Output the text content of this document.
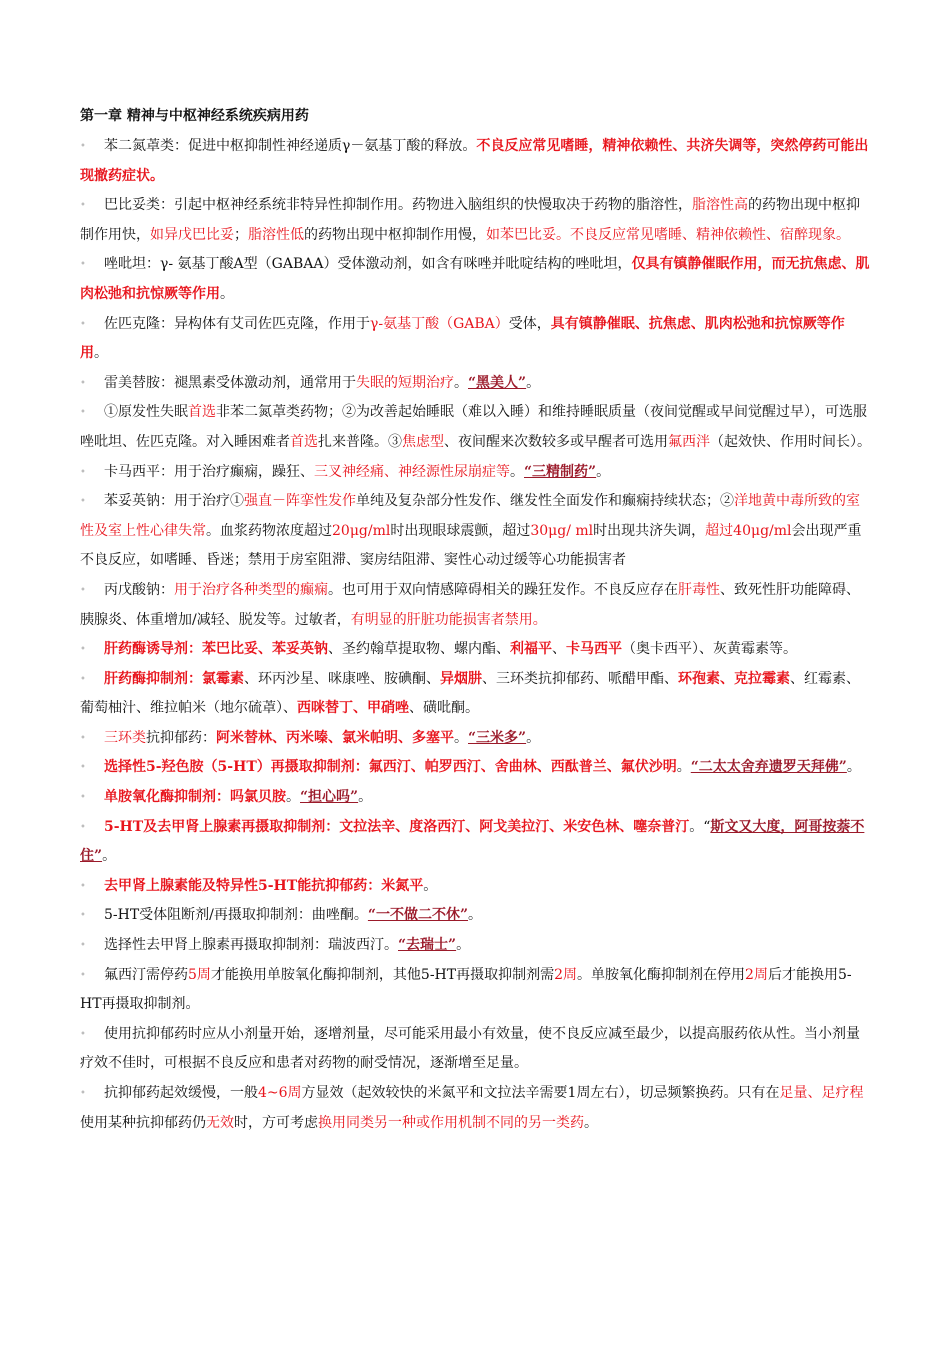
第一章 精神与中枢神经系统疾病用药

• 苯二氮䓬类：促进中枢抑制性神经递质γ－氨基丁酸的释放。不良反应常见嗜睡，精神依赖性、共济失调等，突然停药可能出现撤药症状。

• 巴比妥类：引起中枢神经系统非特异性抑制作用。药物进入脑组织的快慢取决于药物的脂溶性，脂溶性高的药物出现中枢抑制作用快，如异戊巴比妥；脂溶性低的药物出现中枢抑制作用慢，如苯巴比妥。不良反应常见嗜睡、精神依赖性、宿醉现象。

• 唑吡坦：γ- 氨基丁酸A型（GABAA）受体激动剂，如含有咪唑并吡啶结构的唑吡坦，仅具有镇静催眠作用，而无抗焦虑、肌肉松弛和抗惊厥等作用。

• 佐匹克隆：异构体有艾司佐匹克隆，作用于γ-氨基丁酸（GABA）受体，具有镇静催眠、抗焦虑、肌肉松弛和抗惊厥等作用。

• 雷美替胺：褪黑素受体激动剂，通常用于失眠的短期治疗。“黑美人”。

• ①原发性失眠首选非苯二氮䓬类药物；②为改善起始睡眠（难以入睡）和维持睡眠质量（夜间觉醒或早间觉醒过早），可选服唑吡坦、佐匹克隆。对入睡困难者首选扎来普隆。③焦虑型、夜间醒来次数较多或早醒者可选用氟西泮（起效快、作用时间长）。

• 卡马西平：用于治疗癫痫，躁狂、三叉神经痛、神经源性尿崩症等。“三精制药”。

• 苯妥英钠：用于治疗①强直－阵挛性发作单纯及复杂部分性发作、继发性全面发作和癫痫持续状态；②洋地黄中毒所致的室性及室上性心律失常。血浆药物浓度超过20μg/ml时出现眼球震颤，超过30μg/ ml时出现共济失调，超过40μg/ml会出现严重不良反应，如嗜睡、昏迷；禁用于房室阻滞、窦房结阻滞、窦性心动过缓等心功能损害者

• 丙戊酸钠：用于治疗各种类型的癫痫。也可用于双向情感障碍相关的躁狂发作。不良反应存在肝毒性、致死性肝功能障碍、胰腺炎、体重增加/减轻、脱发等。过敏者，有明显的肝脏功能损害者禁用。

• 肝药酶诱导剂：苯巴比妥、苯妥英钠、圣约翰草提取物、螺内酯、利福平、卡马西平（奥卡西平）、灰黄霉素等。

• 肝药酶抑制剂：氯霉素、环丙沙星、咪康唑、胺碘酮、异烟肼、三环类抗抑郁药、哌醋甲酯、环孢素、克拉霉素、红霉素、葡萄柚汁、维拉帕米（地尔硫䓬）、西咪替丁、甲硝唑、磺吡酮。

• 三环类抗抑郁药：阿米替林、丙米嗪、氯米帕明、多塞平。“三米多”。

• 选择性5-羟色胺（5-HT）再摄取抑制剂：氟西汀、帕罗西汀、舍曲林、西酞普兰、氟伏沙明。“二太太舍弃遗罗天拜佛”。

• 单胺氧化酶抑制剂：吗氯贝胺。“担心吗”。

• 5-HT及去甲肾上腺素再摄取抑制剂：文拉法辛、度洛西汀、阿戈美拉汀、米安色林、噻奈普汀。“斯文又大度，阿哥按萘不住”。

• 去甲肾上腺素能及特异性5-HT能抗抑郁药：米氮平。

• 5-HT受体阻断剂/再摄取抑制剂：曲唑酮。“一不做二不休”。

• 选择性去甲肾上腺素再摄取抑制剂：瑞波西汀。“去瑞士”。

• 氟西汀需停药5周才能换用单胺氧化酶抑制剂，其他5-HT再摄取抑制剂需2周。单胺氧化酶抑制剂在停用2周后才能换用5-HT再摄取抑制剂。

• 使用抗抑郁药时应从小剂量开始，逐增剂量，尽可能采用最小有效量，使不良反应减至最少，以提高服药依从性。当小剂量疗效不佳时，可根据不良反应和患者对药物的耐受情况，逐渐增至足量。

• 抗抑郁药起效缓慢，一般4~6周方显效（起效较快的米氮平和文拉法辛需要1周左右），切忌频繁换药。只有在足量、足疗程使用某种抗抑郁药仍无效时，方可考虑换用同类另一种或作用机制不同的另一类药。
